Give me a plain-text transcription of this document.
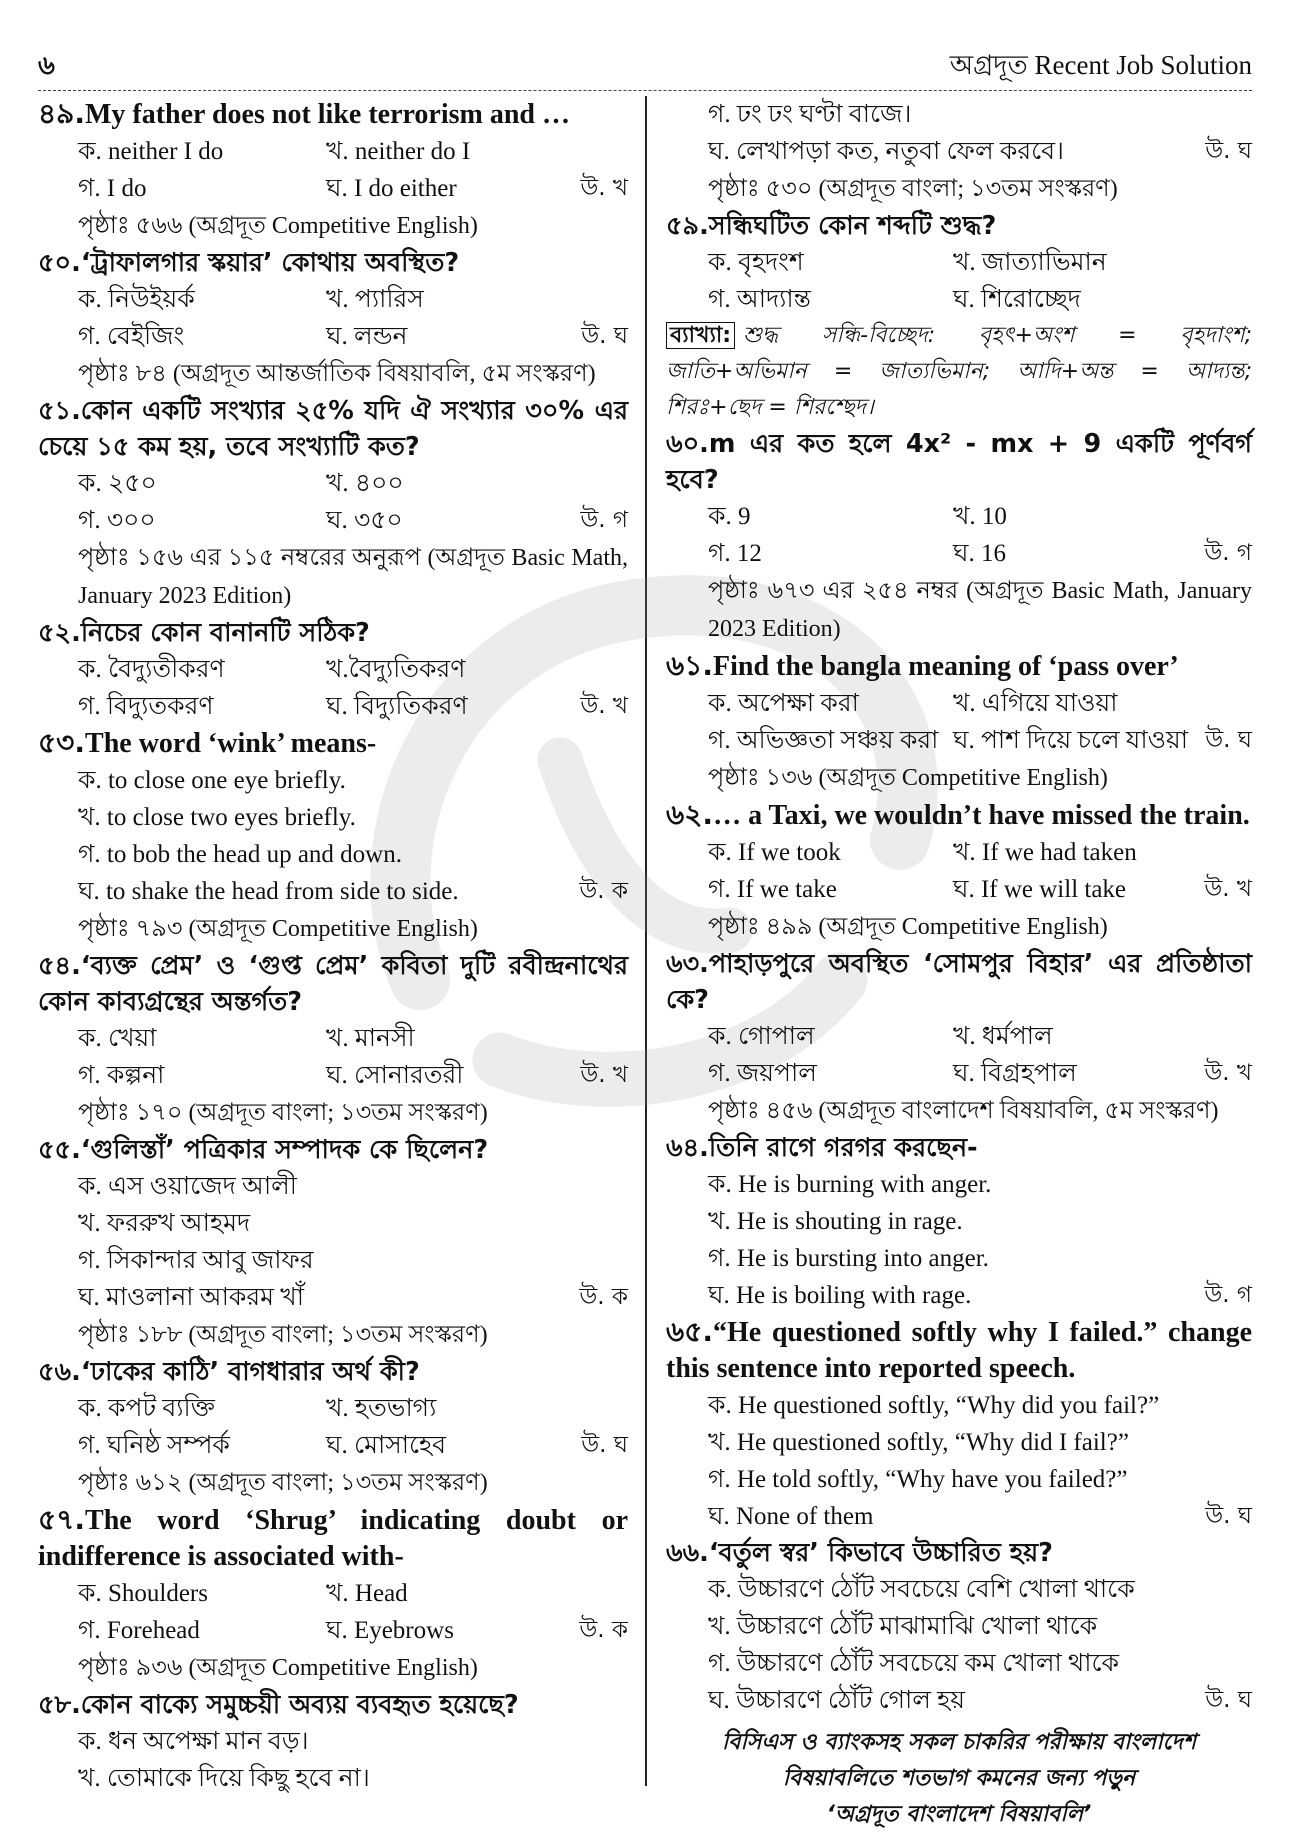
৬	অগ্রদূত Recent Job Solution
৪৯.My father does not like terrorism and …
ক. neither I do	খ. neither do I
গ. I do	ঘ. I do either	উ. খ
পৃষ্ঠাঃ ৫৬৬ (অগ্রদূত Competitive English)
৫০.‘ট্রাফালগার স্কয়ার’ কোথায় অবস্থিত?
ক. নিউইয়র্ক	খ. প্যারিস
গ. বেইজিং	ঘ. লন্ডন	উ. ঘ
পৃষ্ঠাঃ ৮৪ (অগ্রদূত আন্তর্জাতিক বিষয়াবলি, ৫ম সংস্করণ)
৫১.কোন একটি সংখ্যার ২৫% যদি ঐ সংখ্যার ৩০% এর চেয়ে ১৫ কম হয়, তবে সংখ্যাটি কত?
ক. ২৫০	খ. ৪০০
গ. ৩০০	ঘ. ৩৫০	উ. গ
পৃষ্ঠাঃ ১৫৬ এর ১১৫ নম্বরের অনুরূপ (অগ্রদূত Basic Math, January 2023 Edition)
৫২.নিচের কোন বানানটি সঠিক?
ক. বৈদ্যুতীকরণ	খ.বৈদ্যুতিকরণ
গ. বিদ্যুতকরণ	ঘ. বিদ্যুতিকরণ	উ. খ
৫৩.The word ‘wink’ means-
ক. to close one eye briefly.
খ. to close two eyes briefly.
গ. to bob the head up and down.
ঘ. to shake the head from side to side.	উ. ক
পৃষ্ঠাঃ ৭৯৩ (অগ্রদূত Competitive English)
৫৪.‘ব্যক্ত প্রেম’ ও ‘গুপ্ত প্রেম’ কবিতা দুটি রবীন্দ্রনাথের কোন কাব্যগ্রন্থের অন্তর্গত?
ক. খেয়া	খ. মানসী
গ. কল্পনা	ঘ. সোনারতরী	উ. খ
পৃষ্ঠাঃ ১৭০ (অগ্রদূত বাংলা; ১৩তম সংস্করণ)
৫৫.‘গুলিস্তাঁ’ পত্রিকার সম্পাদক কে ছিলেন?
ক. এস ওয়াজেদ আলী
খ. ফররুখ আহমদ
গ. সিকান্দার আবু জাফর
ঘ. মাওলানা আকরম খাঁ	উ. ক
পৃষ্ঠাঃ ১৮৮ (অগ্রদূত বাংলা; ১৩তম সংস্করণ)
৫৬.‘ঢাকের কাঠি’ বাগধারার অর্থ কী?
ক. কপট ব্যক্তি	খ. হতভাগ্য
গ. ঘনিষ্ঠ সম্পর্ক	ঘ. মোসাহেব	উ. ঘ
পৃষ্ঠাঃ ৬১২ (অগ্রদূত বাংলা; ১৩তম সংস্করণ)
৫৭.The word ‘Shrug’ indicating doubt or indifference is associated with-
ক. Shoulders	খ. Head
গ. Forehead	ঘ. Eyebrows	উ. ক
পৃষ্ঠাঃ ৯৩৬ (অগ্রদূত Competitive English)
৫৮.কোন বাক্যে সমুচ্চয়ী অব্যয় ব্যবহৃত হয়েছে?
ক. ধন অপেক্ষা মান বড়।
খ. তোমাকে দিয়ে কিছু হবে না।
গ. ঢং ঢং ঘণ্টা বাজে।
ঘ. লেখাপড়া কত, নতুবা ফেল করবে।	উ. ঘ
পৃষ্ঠাঃ ৫৩০ (অগ্রদূত বাংলা; ১৩তম সংস্করণ)
৫৯.সন্ধিঘটিত কোন শব্দটি শুদ্ধ?
ক. বৃহদংশ	খ. জাত্যাভিমান
গ. আদ্যান্ত	ঘ. শিরোচ্ছেদ
ব্যাখ্যা: শুদ্ধ সন্ধি-বিচ্ছেদ: বৃহৎ+অংশ = বৃহদাংশ; জাতি+অভিমান = জাত্যভিমান; আদি+অন্ত = আদ্যন্ত; শিরঃ+ছেদ = শিরশ্ছেদ।
৬০.m এর কত হলে 4x² - mx + 9 একটি পূর্ণবর্গ হবে?
ক. 9	খ. 10
গ. 12	ঘ. 16	উ. গ
পৃষ্ঠাঃ ৬৭৩ এর ২৫৪ নম্বর (অগ্রদূত Basic Math, January 2023 Edition)
৬১.Find the bangla meaning of ‘pass over’
ক. অপেক্ষা করা	খ. এগিয়ে যাওয়া
গ. অভিজ্ঞতা সঞ্চয় করা ঘ. পাশ দিয়ে চলে যাওয়া উ. ঘ
পৃষ্ঠাঃ ১৩৬ (অগ্রদূত Competitive English)
৬২.… a Taxi, we wouldn’t have missed the train.
ক. If we took	খ. If we had taken
গ. If we take	ঘ. If we will take	উ. খ
পৃষ্ঠাঃ ৪৯৯ (অগ্রদূত Competitive English)
৬৩.পাহাড়পুরে অবস্থিত ‘সোমপুর বিহার’ এর প্রতিষ্ঠাতা কে?
ক. গোপাল	খ. ধর্মপাল
গ. জয়পাল	ঘ. বিগ্রহপাল	উ. খ
পৃষ্ঠাঃ ৪৫৬ (অগ্রদূত বাংলাদেশ বিষয়াবলি, ৫ম সংস্করণ)
৬৪.তিনি রাগে গরগর করছেন-
ক. He is burning with anger.
খ. He is shouting in rage.
গ. He is bursting into anger.
ঘ. He is boiling with rage.	উ. গ
৬৫.“He questioned softly why I failed.” change this sentence into reported speech.
ক. He questioned softly, “Why did you fail?”
খ. He questioned softly, “Why did I fail?”
গ. He told softly, “Why have you failed?”
ঘ. None of them	উ. ঘ
৬৬.‘বর্তুল স্বর’ কিভাবে উচ্চারিত হয়?
ক. উচ্চারণে ঠোঁট সবচেয়ে বেশি খোলা থাকে
খ. উচ্চারণে ঠোঁট মাঝামাঝি খোলা থাকে
গ. উচ্চারণে ঠোঁট সবচেয়ে কম খোলা থাকে
ঘ. উচ্চারণে ঠোঁট গোল হয়	উ. ঘ
বিসিএস ও ব্যাংকসহ সকল চাকরির পরীক্ষায় বাংলাদেশ
বিষয়াবলিতে শতভাগ কমনের জন্য পড়ুন
‘অগ্রদূত বাংলাদেশ বিষয়াবলি’
